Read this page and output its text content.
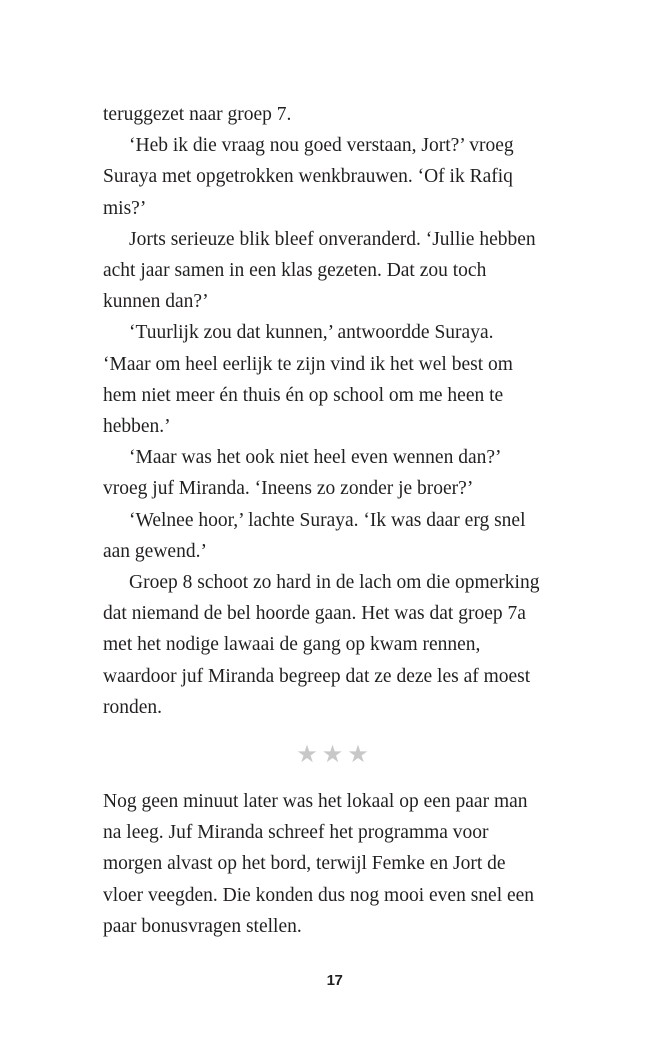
teruggezet naar groep 7.
‘Heb ik die vraag nou goed verstaan, Jort?’ vroeg
Suraya met opgetrokken wenkbrauwen. ‘Of ik Rafiq
mis?’
Jorts serieuze blik bleef onveranderd. ‘Jullie hebben
acht jaar samen in een klas gezeten. Dat zou toch
kunnen dan?’
‘Tuurlijk zou dat kunnen,’ antwoordde Suraya.
‘Maar om heel eerlijk te zijn vind ik het wel best om
hem niet meer én thuis én op school om me heen te
hebben.’
‘Maar was het ook niet heel even wennen dan?’
vroeg juf Miranda. ‘Ineens zo zonder je broer?’
‘Welnee hoor,’ lachte Suraya. ‘Ik was daar erg snel
aan gewend.’
Groep 8 schoot zo hard in de lach om die opmerking
dat niemand de bel hoorde gaan. Het was dat groep 7a
met het nodige lawaai de gang op kwam rennen,
waardoor juf Miranda begreep dat ze deze les af moest
ronden.
★★★
Nog geen minuut later was het lokaal op een paar man
na leeg. Juf Miranda schreef het programma voor
morgen alvast op het bord, terwijl Femke en Jort de
vloer veegden. Die konden dus nog mooi even snel een
paar bonusvragen stellen.
17
